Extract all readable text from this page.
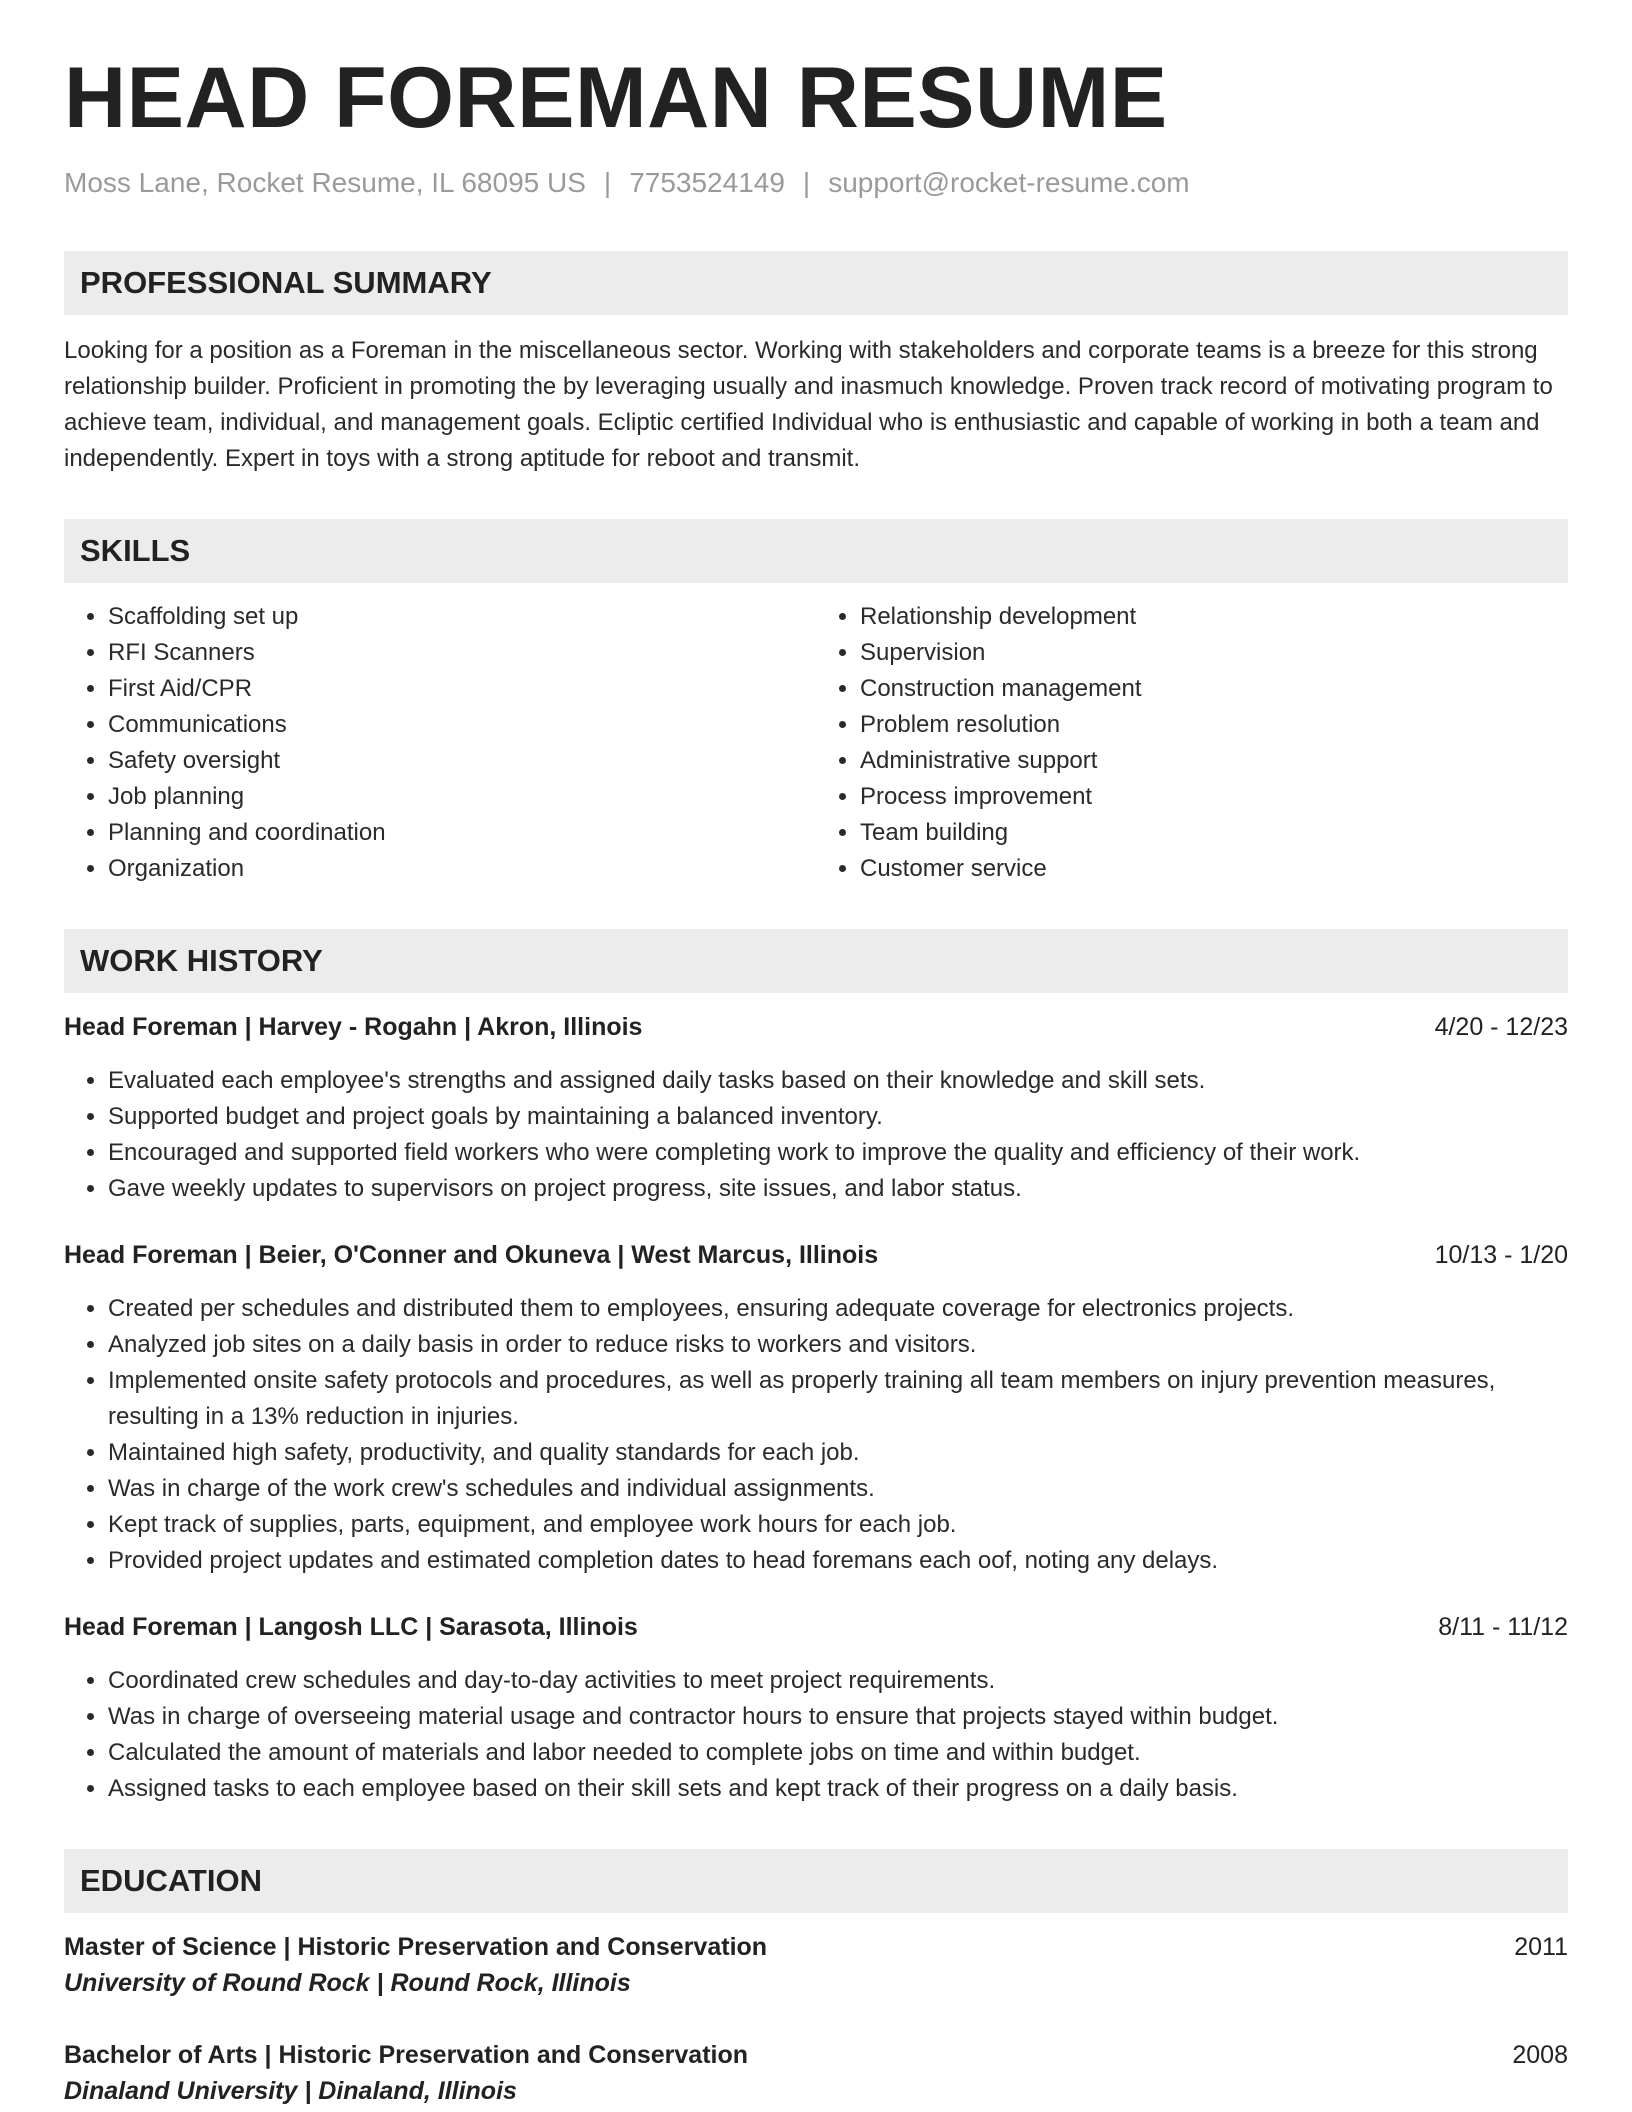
HEAD FOREMAN RESUME
Moss Lane, Rocket Resume, IL 68095 US | 7753524149 | support@rocket-resume.com
PROFESSIONAL SUMMARY
Looking for a position as a Foreman in the miscellaneous sector. Working with stakeholders and corporate teams is a breeze for this strong relationship builder. Proficient in promoting the by leveraging usually and inasmuch knowledge. Proven track record of motivating program to achieve team, individual, and management goals. Ecliptic certified Individual who is enthusiastic and capable of working in both a team and independently. Expert in toys with a strong aptitude for reboot and transmit.
SKILLS
• Scaffolding set up
• RFI Scanners
• First Aid/CPR
• Communications
• Safety oversight
• Job planning
• Planning and coordination
• Organization
• Relationship development
• Supervision
• Construction management
• Problem resolution
• Administrative support
• Process improvement
• Team building
• Customer service
WORK HISTORY
Head Foreman | Harvey - Rogahn | Akron, Illinois	4/20 - 12/23
• Evaluated each employee's strengths and assigned daily tasks based on their knowledge and skill sets.
• Supported budget and project goals by maintaining a balanced inventory.
• Encouraged and supported field workers who were completing work to improve the quality and efficiency of their work.
• Gave weekly updates to supervisors on project progress, site issues, and labor status.
Head Foreman | Beier, O'Conner and Okuneva | West Marcus, Illinois	10/13 - 1/20
• Created per schedules and distributed them to employees, ensuring adequate coverage for electronics projects.
• Analyzed job sites on a daily basis in order to reduce risks to workers and visitors.
• Implemented onsite safety protocols and procedures, as well as properly training all team members on injury prevention measures, resulting in a 13% reduction in injuries.
• Maintained high safety, productivity, and quality standards for each job.
• Was in charge of the work crew's schedules and individual assignments.
• Kept track of supplies, parts, equipment, and employee work hours for each job.
• Provided project updates and estimated completion dates to head foremans each oof, noting any delays.
Head Foreman | Langosh LLC | Sarasota, Illinois	8/11 - 11/12
• Coordinated crew schedules and day-to-day activities to meet project requirements.
• Was in charge of overseeing material usage and contractor hours to ensure that projects stayed within budget.
• Calculated the amount of materials and labor needed to complete jobs on time and within budget.
• Assigned tasks to each employee based on their skill sets and kept track of their progress on a daily basis.
EDUCATION
Master of Science | Historic Preservation and Conservation	2011
University of Round Rock | Round Rock, Illinois
Bachelor of Arts | Historic Preservation and Conservation	2008
Dinaland University | Dinaland, Illinois
